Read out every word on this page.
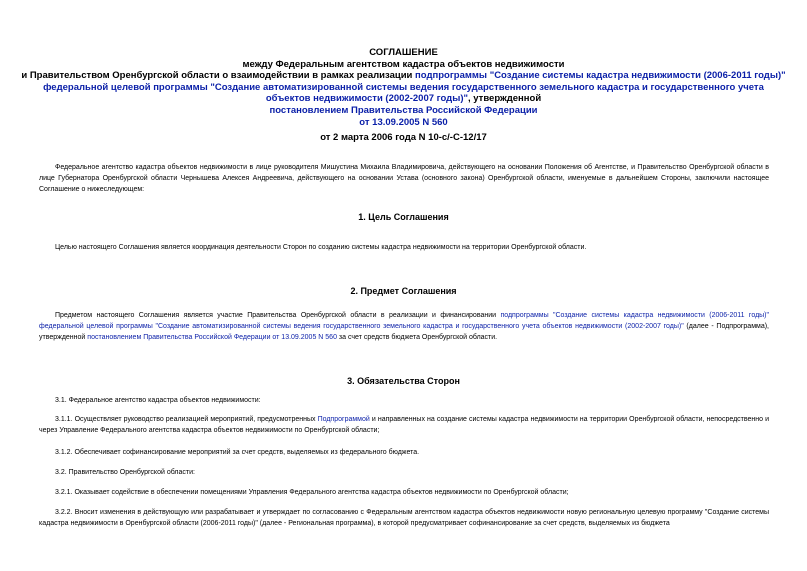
СОГЛАШЕНИЕ
между Федеральным агентством кадастра объектов недвижимости
и Правительством Оренбургской области о взаимодействии в рамках реализации подпрограммы "Создание системы кадастра недвижимости (2006-2011 годы)"
федеральной целевой программы "Создание автоматизированной системы ведения государственного земельного кадастра и государственного учета
объектов недвижимости (2002-2007 годы)", утвержденной
постановлением Правительства Российской Федерации
от 13.09.2005 N 560
от 2 марта 2006 года N 10-с/-С-12/17
Федеральное агентство кадастра объектов недвижимости в лице руководителя Мишустина Михаила Владимировича, действующего на основании Положения об Агентстве, и Правительство Оренбургской области в лице Губернатора Оренбургской области Чернышева Алексея Андреевича, действующего на основании Устава (основного закона) Оренбургской области, именуемые в дальнейшем Стороны, заключили настоящее Соглашение о нижеследующем:
1. Цель Соглашения
Целью настоящего Соглашения является координация деятельности Сторон по созданию системы кадастра недвижимости на территории Оренбургской области.
2. Предмет Соглашения
Предметом настоящего Соглашения является участие Правительства Оренбургской области в реализации и финансировании подпрограммы "Создание системы кадастра недвижимости (2006-2011 годы)" федеральной целевой программы "Создание автоматизированной системы ведения государственного земельного кадастра и государственного учета объектов недвижимости (2002-2007 годы)" (далее - Подпрограмма), утвержденной постановлением Правительства Российской Федерации от 13.09.2005 N 560 за счет средств бюджета Оренбургской области.
3. Обязательства Сторон
3.1. Федеральное агентство кадастра объектов недвижимости:
3.1.1. Осуществляет руководство реализацией мероприятий, предусмотренных Подпрограммой и направленных на создание системы кадастра недвижимости на территории Оренбургской области, непосредственно и через Управление Федерального агентства кадастра объектов недвижимости по Оренбургской области;
3.1.2. Обеспечивает софинансирование мероприятий за счет средств, выделяемых из федерального бюджета.
3.2. Правительство Оренбургской области:
3.2.1. Оказывает содействие в обеспечении помещениями Управления Федерального агентства кадастра объектов недвижимости по Оренбургской области;
3.2.2. Вносит изменения в действующую или разрабатывает и утверждает по согласованию с Федеральным агентством кадастра объектов недвижимости новую региональную целевую программу "Создание системы кадастра недвижимости в Оренбургской области (2006-2011 годы)" (далее - Региональная программа), в которой предусматривает софинансирование за счет средств, выделяемых из бюджета
